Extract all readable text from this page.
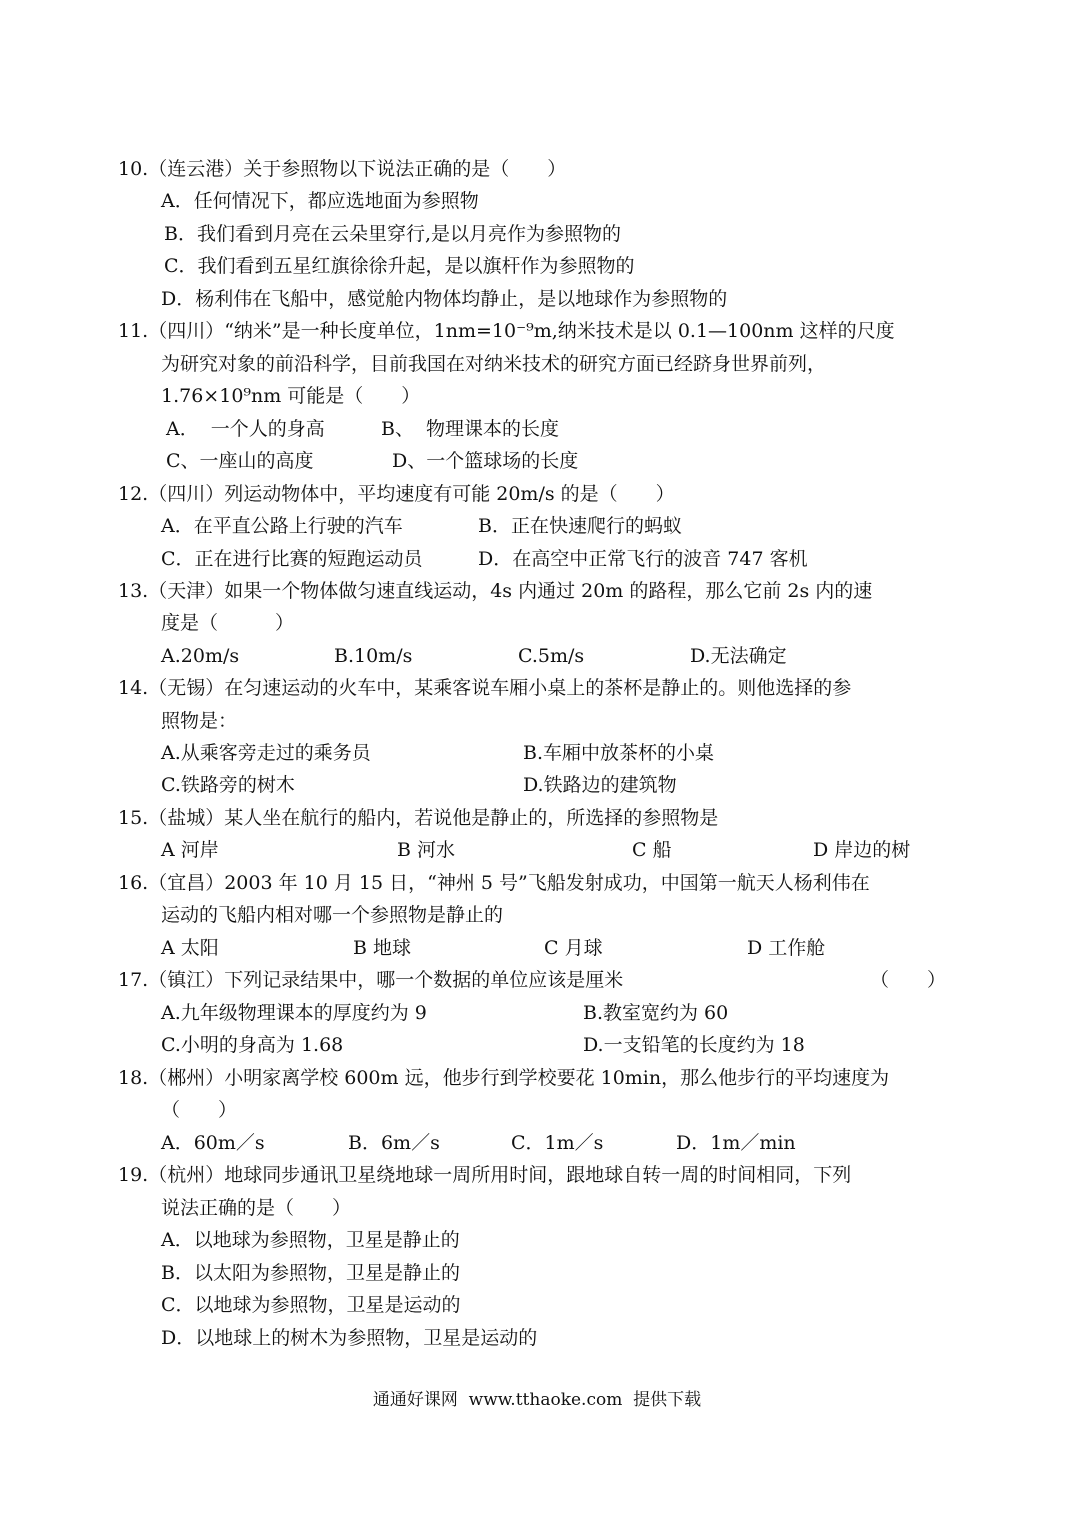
10.（连云港）关于参照物以下说法正确的是（　　）
A．任何情况下，都应选地面为参照物
B．我们看到月亮在云朵里穿行,是以月亮作为参照物的
C．我们看到五星红旗徐徐升起，是以旗杆作为参照物的
D．杨利伟在飞船中，感觉舱内物体均静止，是以地球作为参照物的
11.（四川）“纳米”是一种长度单位，1nm=10⁻⁹m,纳米技术是以 0.1—100nm 这样的尺度
为研究对象的前沿科学，目前我国在对纳米技术的研究方面已经跻身世界前列，
1.76×10⁹nm 可能是（　　）
A．  一个人的身高	B、  物理课本的长度
C、一座山的高度	D、一个篮球场的长度
12.（四川）列运动物体中，平均速度有可能 20m/s 的是（　　）
A．在平直公路上行驶的汽车	B．正在快速爬行的蚂蚁
C．正在进行比赛的短跑运动员	D．在高空中正常飞行的波音 747 客机
13.（天津）如果一个物体做匀速直线运动，4s 内通过 20m 的路程，那么它前 2s 内的速
度是（　　　）
A.20m/s	B.10m/s	C.5m/s	D.无法确定
14.（无锡）在匀速运动的火车中，某乘客说车厢小桌上的茶杯是静止的。则他选择的参
照物是：
A.从乘客旁走过的乘务员	B.车厢中放茶杯的小桌
C.铁路旁的树木	D.铁路边的建筑物
15.（盐城）某人坐在航行的船内，若说他是静止的，所选择的参照物是
A 河岸	B 河水	C 船	D 岸边的树
16.（宜昌）2003 年 10 月 15 日，“神州 5 号”飞船发射成功，中国第一航天人杨利伟在
运动的飞船内相对哪一个参照物是静止的
A 太阳	B 地球	C 月球	D 工作舱
17.（镇江）下列记录结果中，哪一个数据的单位应该是厘米	（　　）
A.九年级物理课本的厚度约为 9	B.教室宽约为 60
C.小明的身高为 1.68	D.一支铅笔的长度约为 18
18.（郴州）小明家离学校 600m 远，他步行到学校要花 10min，那么他步行的平均速度为
（　　）
A．60m／s	B．6m／s	C．1m／s	D．1m／min
19.（杭州）地球同步通讯卫星绕地球一周所用时间，跟地球自转一周的时间相同，下列
说法正确的是（　　）
A．以地球为参照物，卫星是静止的
B．以太阳为参照物，卫星是静止的
C．以地球为参照物，卫星是运动的
D．以地球上的树木为参照物，卫星是运动的
通通好课网  www.tthaoke.com  提供下载
